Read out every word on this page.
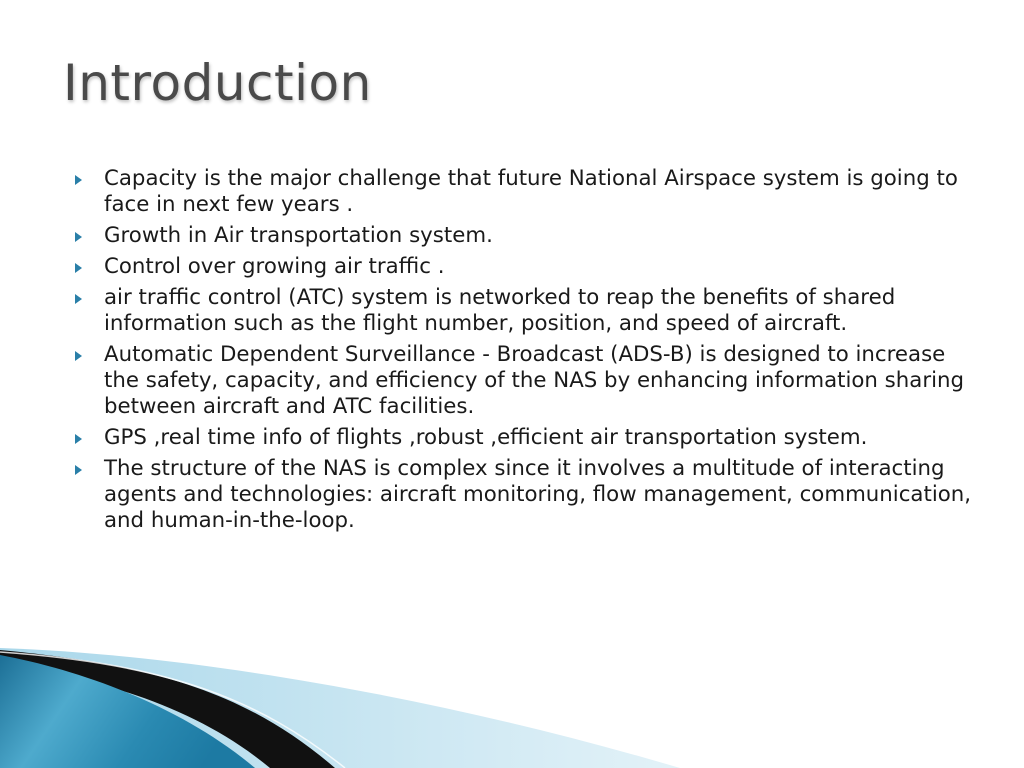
Introduction
Capacity is the major challenge that future National Airspace system is going to face in next few years .
Growth in Air transportation system.
Control over growing air traffic .
air traffic control (ATC) system is networked to reap the benefits of shared information such as the flight number, position, and speed of aircraft.
Automatic Dependent Surveillance - Broadcast (ADS-B) is designed to increase the safety, capacity, and efficiency of the NAS by enhancing information sharing between aircraft and ATC facilities.
GPS ,real time info of flights ,robust ,efficient air transportation system.
The structure of the NAS is complex since it involves a multitude of interacting agents and technologies: aircraft monitoring, flow management, communication, and human-in-the-loop.
